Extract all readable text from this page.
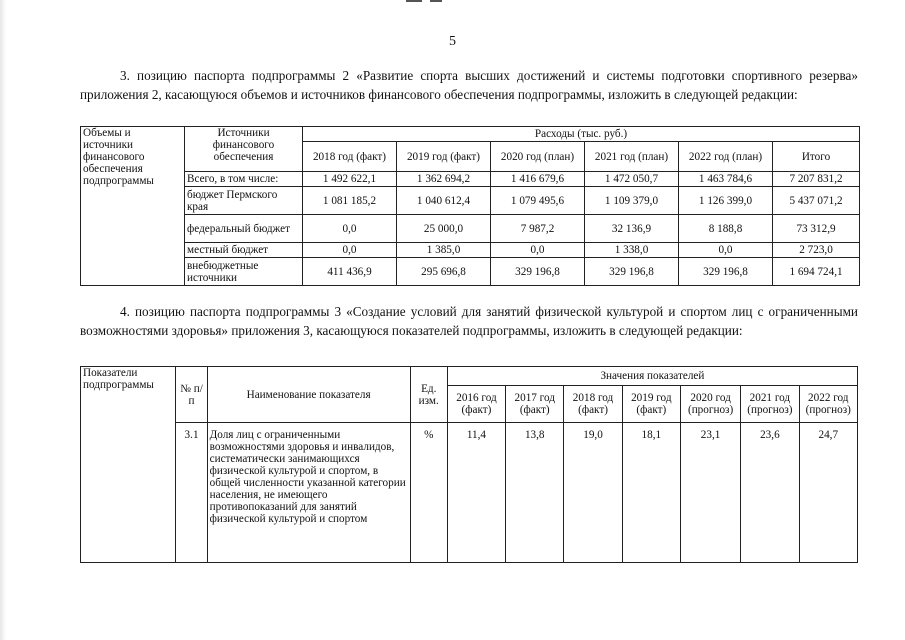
5
3. позицию паспорта подпрограммы 2 «Развитие спорта высших достижений и системы подготовки спортивного резерва» приложения 2, касающуюся объемов и источников финансового обеспечения подпрограммы, изложить в следующей редакции:
Объемы и источники финансового обеспечения подпрограммы	Источники финансового обеспечения	Расходы (тыс. руб.)					
		2018 год (факт)	2019 год (факт)	2020 год (план)	2021 год (план)	2022 год (план)	Итого
	Всего, в том числе:	1 492 622,1	1 362 694,2	1 416 679,6	1 472 050,7	1 463 784,6	7 207 831,2
	бюджет Пермского края	1 081 185,2	1 040 612,4	1 079 495,6	1 109 379,0	1 126 399,0	5 437 071,2
	федеральный бюджет	0,0	25 000,0	7 987,2	32 136,9	8 188,8	73 312,9
	местный бюджет	0,0	1 385,0	0,0	1 338,0	0,0	2 723,0
	внебюджетные источники	411 436,9	295 696,8	329 196,8	329 196,8	329 196,8	1 694 724,1
4. позицию паспорта подпрограммы 3 «Создание условий для занятий физической культурой и спортом лиц с ограниченными возможностями здоровья» приложения 3, касающуюся показателей подпрограммы, изложить в следующей редакции:
Показатели подпрограммы	№ п/п	Наименование показателя	Ед. изм.	Значения показателей						
				2016 год (факт)	2017 год (факт)	2018 год (факт)	2019 год (факт)	2020 год (прогноз)	2021 год (прогноз)	2022 год (прогноз)
	3.1	Доля лиц с ограниченными возможностями здоровья и инвалидов, систематически занимающихся физической культурой и спортом, в общей численности указанной категории населения, не имеющего противопоказаний для занятий физической культурой и спортом	%	11,4	13,8	19,0	18,1	23,1	23,6	24,7
